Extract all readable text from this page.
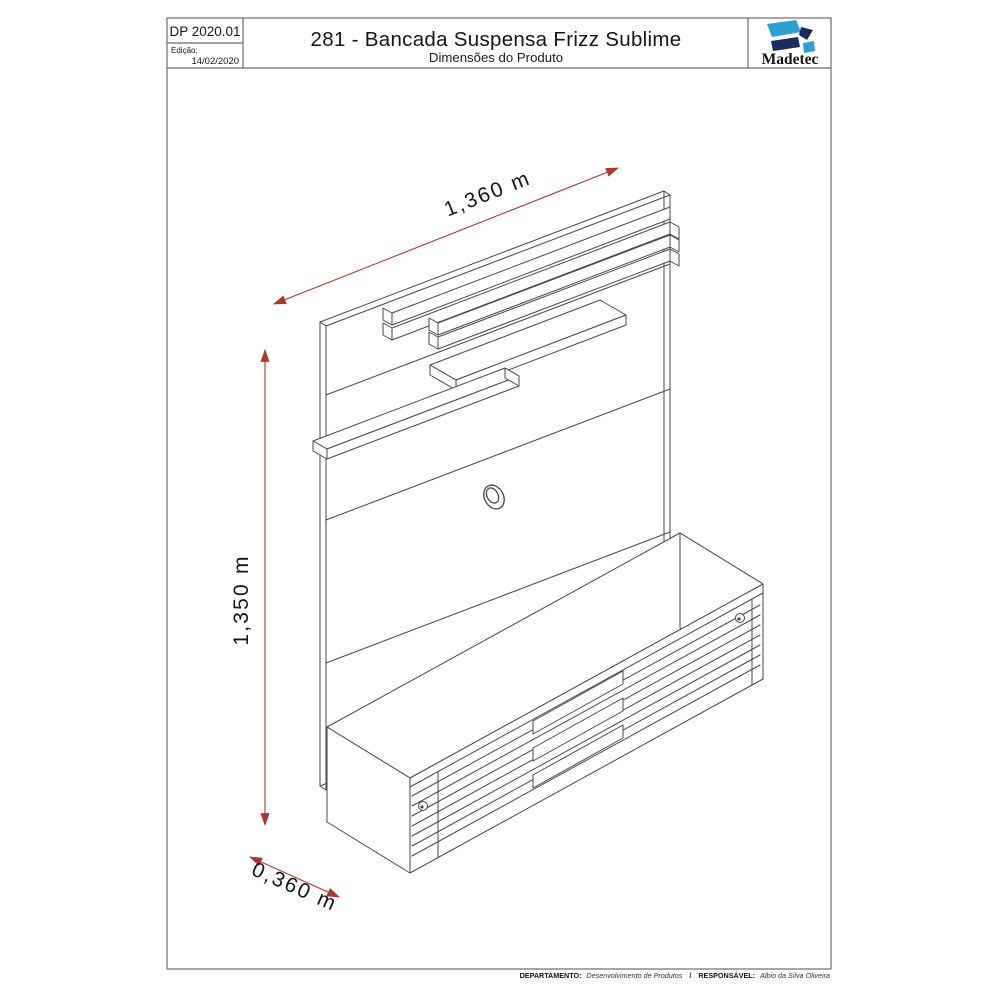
DP 2020.01
Edição:
14/02/2020
281 - Bancada Suspensa Frizz Sublime
Dimensões do Produto	Madetec
1,360 m
1,350 m
0,360 m
DEPARTAMENTO: Desenvolvimento de Produtos / RESPONSÁVEL: Albio da Silva Oliveira
